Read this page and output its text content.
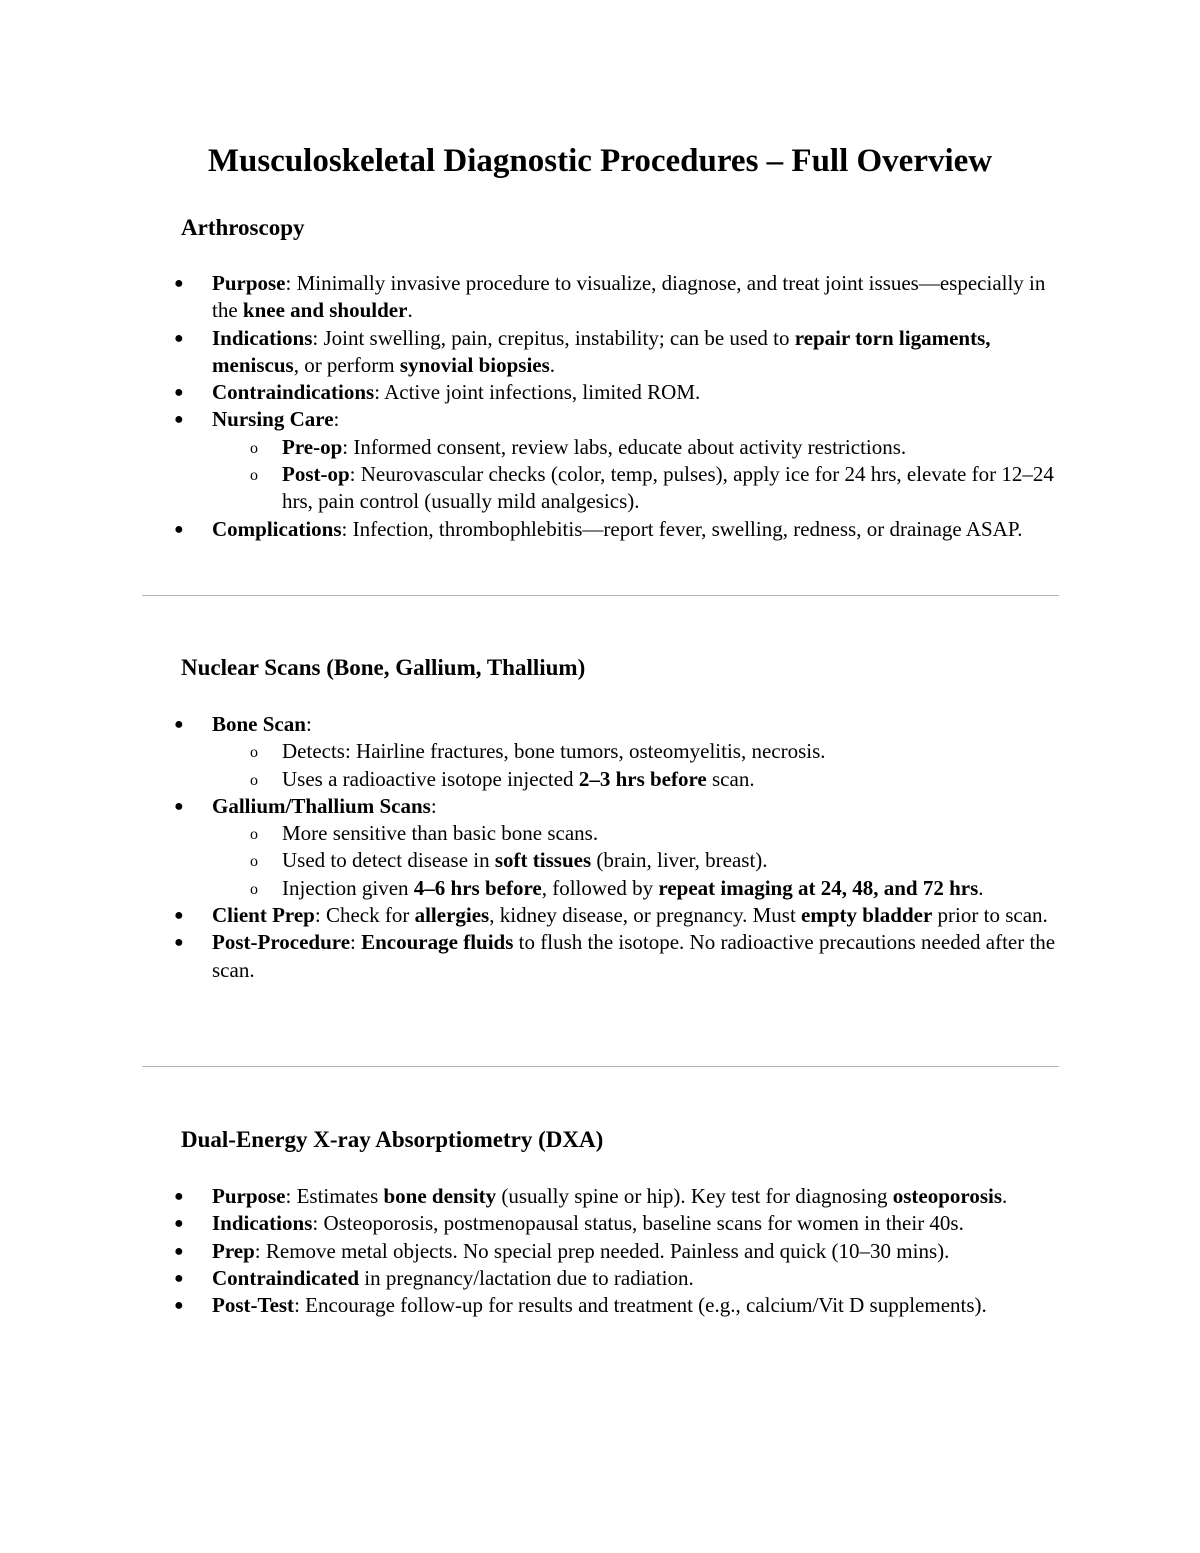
Musculoskeletal Diagnostic Procedures – Full Overview
Arthroscopy
● Purpose: Minimally invasive procedure to visualize, diagnose, and treat joint issues—especially in the knee and shoulder.
● Indications: Joint swelling, pain, crepitus, instability; can be used to repair torn ligaments, meniscus, or perform synovial biopsies.
● Contraindications: Active joint infections, limited ROM.
● Nursing Care:
o Pre-op: Informed consent, review labs, educate about activity restrictions.
o Post-op: Neurovascular checks (color, temp, pulses), apply ice for 24 hrs, elevate for 12–24 hrs, pain control (usually mild analgesics).
● Complications: Infection, thrombophlebitis—report fever, swelling, redness, or drainage ASAP.
Nuclear Scans (Bone, Gallium, Thallium)
● Bone Scan:
o Detects: Hairline fractures, bone tumors, osteomyelitis, necrosis.
o Uses a radioactive isotope injected 2–3 hrs before scan.
● Gallium/Thallium Scans:
o More sensitive than basic bone scans.
o Used to detect disease in soft tissues (brain, liver, breast).
o Injection given 4–6 hrs before, followed by repeat imaging at 24, 48, and 72 hrs.
● Client Prep: Check for allergies, kidney disease, or pregnancy. Must empty bladder prior to scan.
● Post-Procedure: Encourage fluids to flush the isotope. No radioactive precautions needed after the scan.
Dual-Energy X-ray Absorptiometry (DXA)
● Purpose: Estimates bone density (usually spine or hip). Key test for diagnosing osteoporosis.
● Indications: Osteoporosis, postmenopausal status, baseline scans for women in their 40s.
● Prep: Remove metal objects. No special prep needed. Painless and quick (10–30 mins).
● Contraindicated in pregnancy/lactation due to radiation.
● Post-Test: Encourage follow-up for results and treatment (e.g., calcium/Vit D supplements).
